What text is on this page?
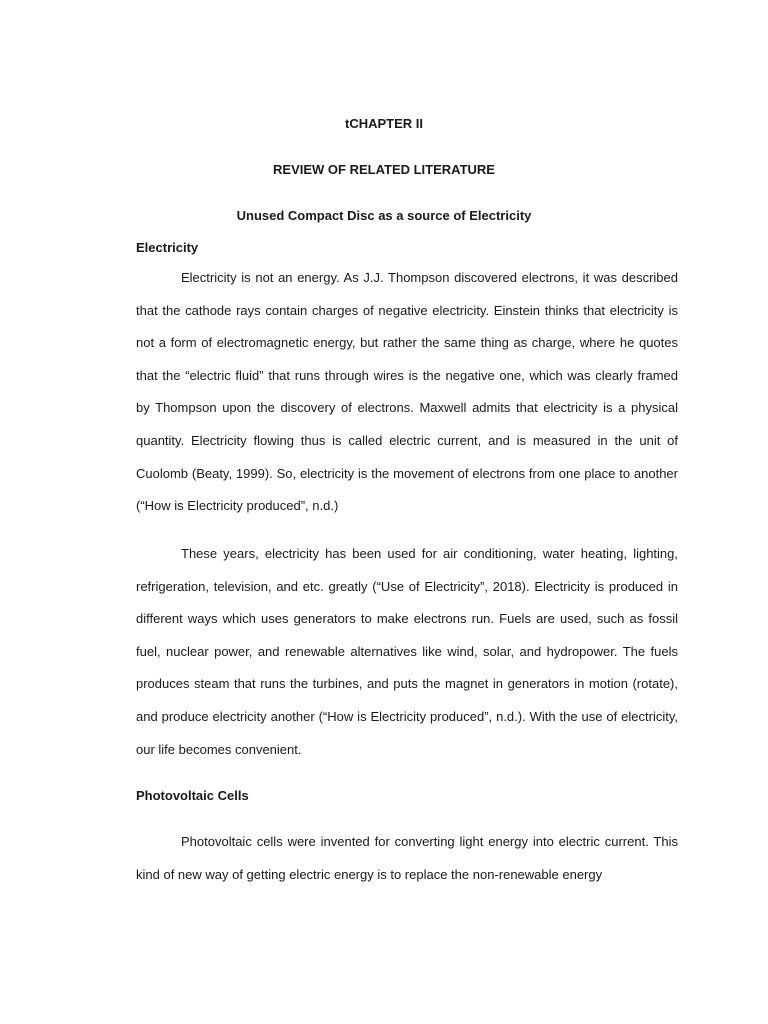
tCHAPTER II
REVIEW OF RELATED LITERATURE
Unused Compact Disc as a source of Electricity
Electricity

Electricity is not an energy. As J.J. Thompson discovered electrons, it was described that the cathode rays contain charges of negative electricity. Einstein thinks that electricity is not a form of electromagnetic energy, but rather the same thing as charge, where he quotes that the “electric fluid” that runs through wires is the negative one, which was clearly framed by Thompson upon the discovery of electrons. Maxwell admits that electricity is a physical quantity. Electricity flowing thus is called electric current, and is measured in the unit of Cuolomb (Beaty, 1999). So, electricity is the movement of electrons from one place to another (“How is Electricity produced”, n.d.)

These years, electricity has been used for air conditioning, water heating, lighting, refrigeration, television, and etc. greatly (“Use of Electricity”, 2018). Electricity is produced in different ways which uses generators to make electrons run. Fuels are used, such as fossil fuel, nuclear power, and renewable alternatives like wind, solar, and hydropower. The fuels produces steam that runs the turbines, and puts the magnet in generators in motion (rotate), and produce electricity another (“How is Electricity produced”, n.d.). With the use of electricity, our life becomes convenient.

Photovoltaic Cells

Photovoltaic cells were invented for converting light energy into electric current. This kind of new way of getting electric energy is to replace the non-renewable energy
